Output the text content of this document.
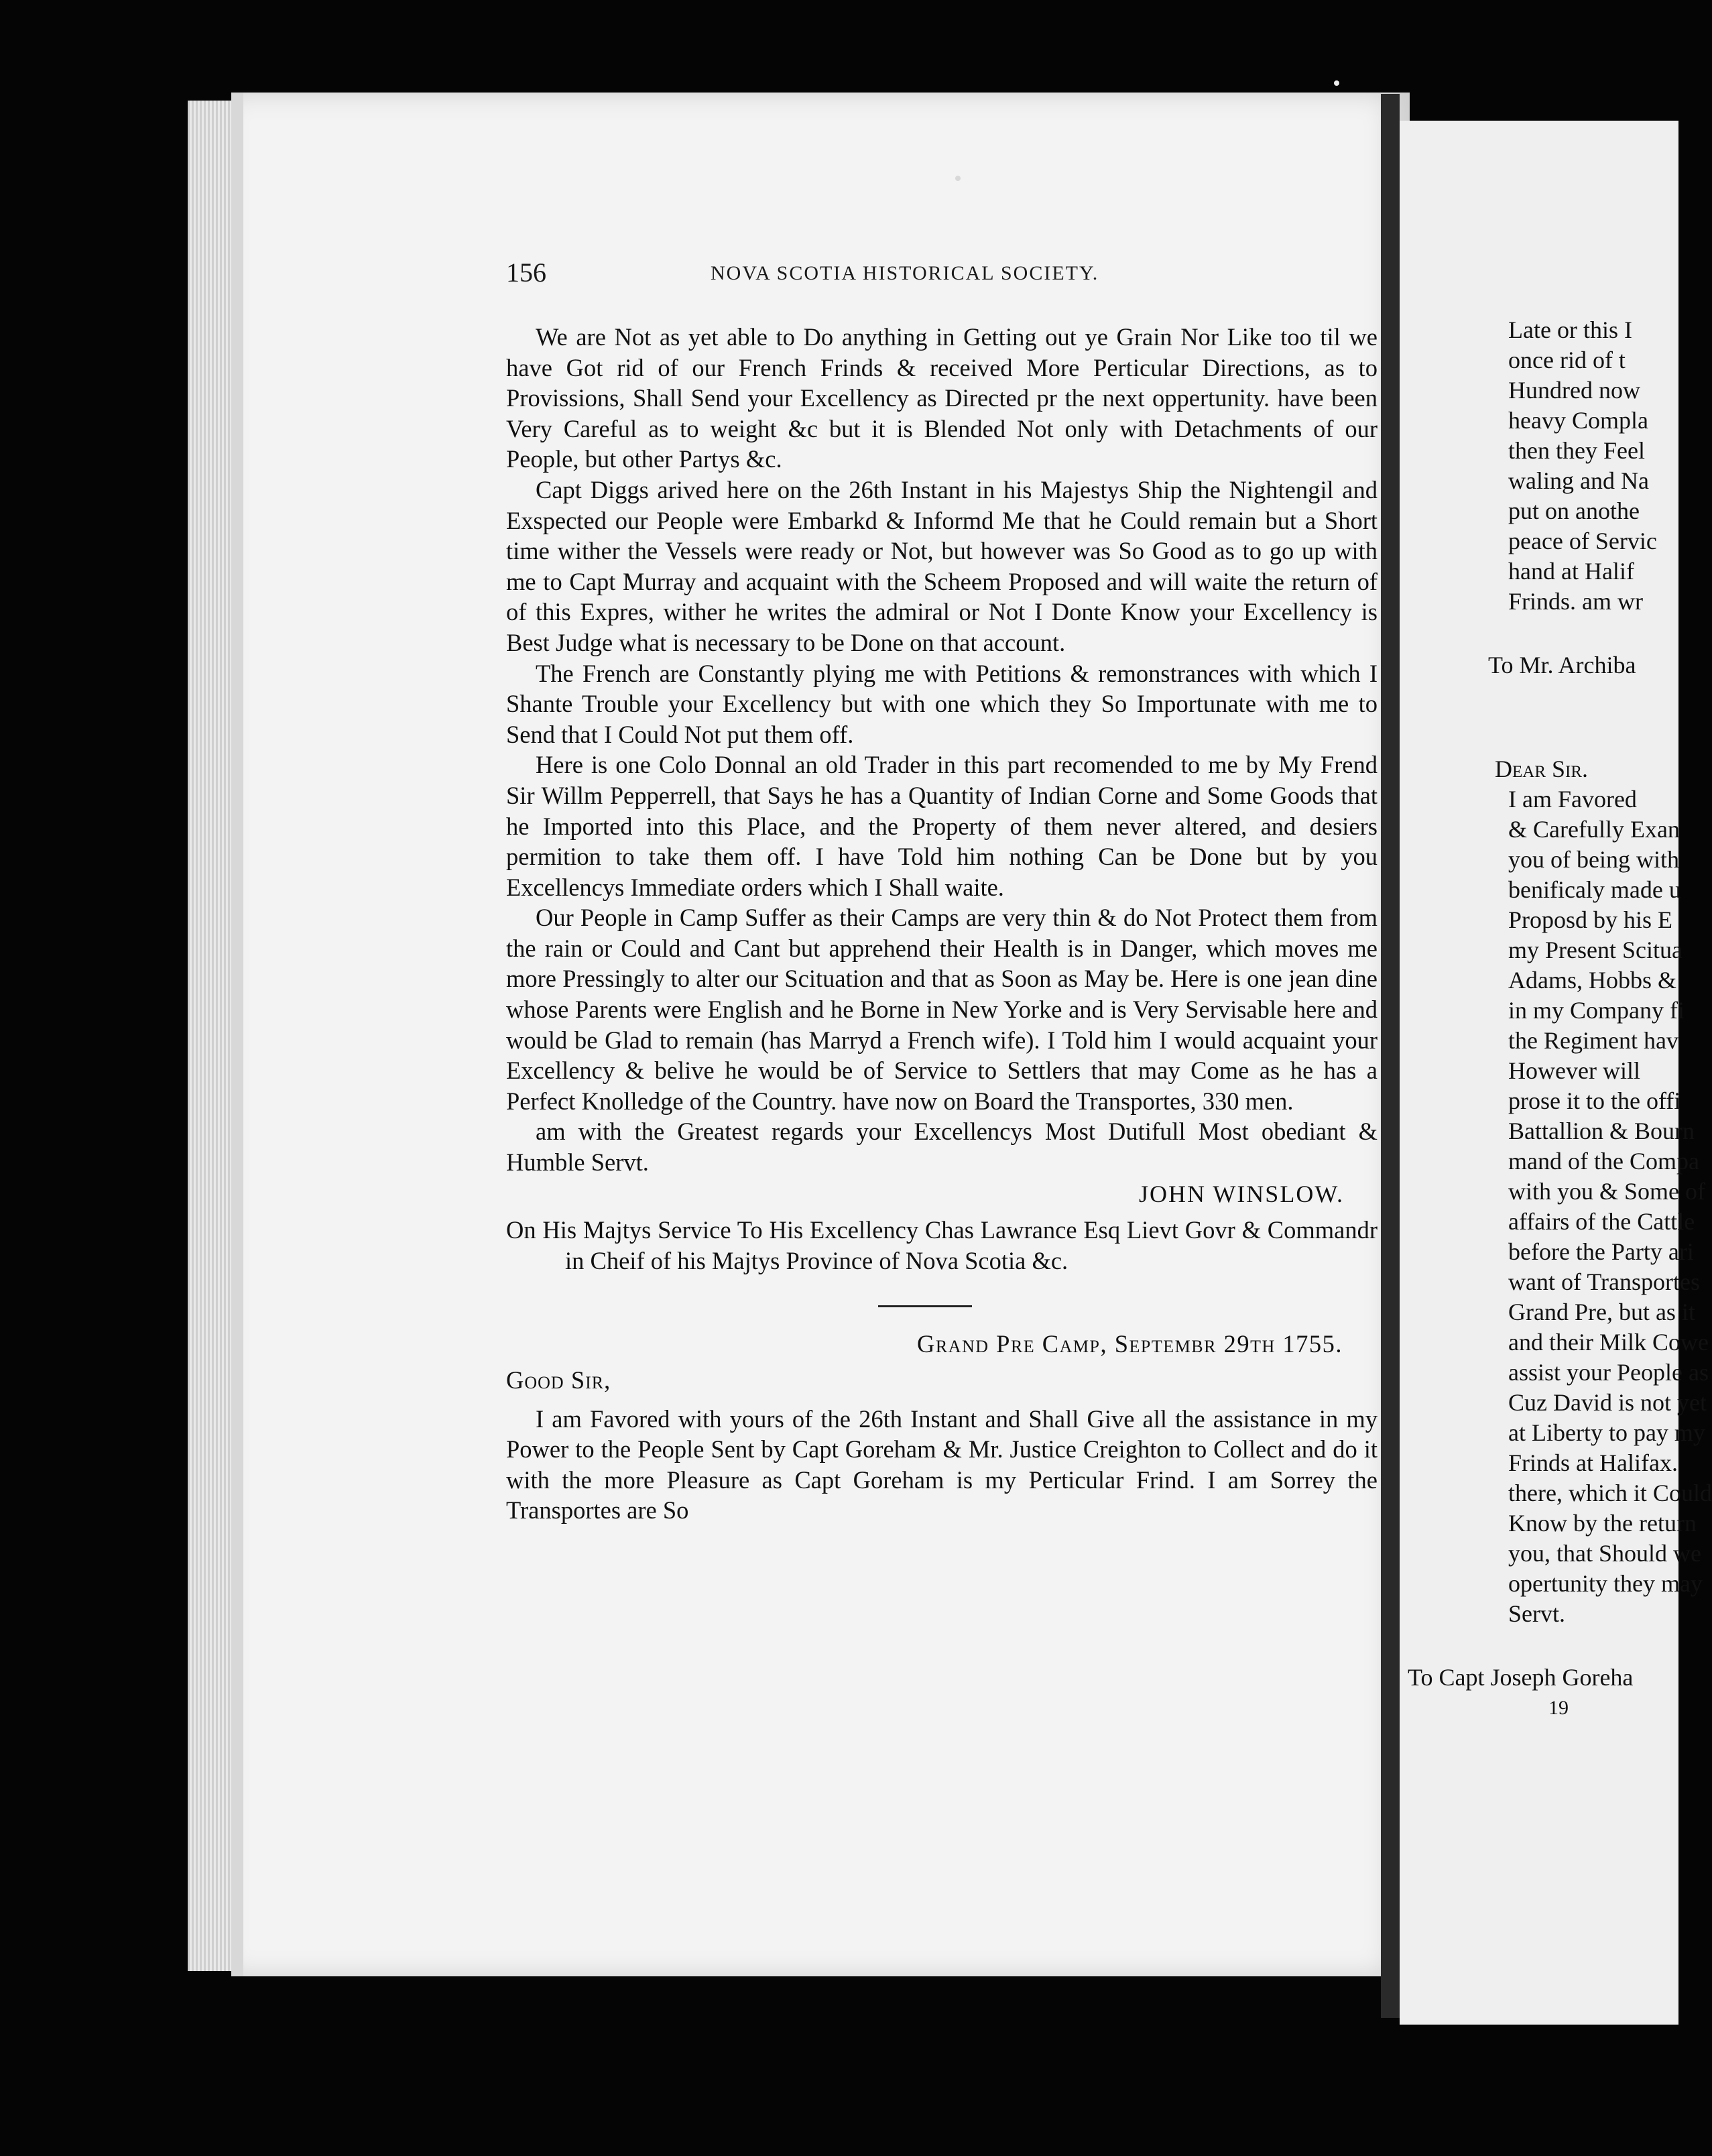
156	NOVA SCOTIA HISTORICAL SOCIETY.

We are Not as yet able to Do anything in Getting out ye Grain Nor Like too til we have Got rid of our French Frinds & received More Perticular Directions, as to Provissions, Shall Send your Excellency as Directed pr the next oppertunity. have been Very Careful as to weight &c but it is Blended Not only with Detachments of our People, but other Partys &c.

Capt Diggs arived here on the 26th Instant in his Majestys Ship the Nightengil and Exspected our People were Embarkd & Informd Me that he Could remain but a Short time wither the Vessels were ready or Not, but however was So Good as to go up with me to Capt Murray and acquaint with the Scheem Proposed and will waite the return of of this Expres, wither he writes the admiral or Not I Donte Know your Excellency is Best Judge what is necessary to be Done on that account.

The French are Constantly plying me with Petitions & remonstrances with which I Shante Trouble your Excellency but with one which they So Importunate with me to Send that I Could Not put them off.

Here is one Colo Donnal an old Trader in this part recomended to me by My Frend Sir Willm Pepperrell, that Says he has a Quantity of Indian Corne and Some Goods that he Imported into this Place, and the Property of them never altered, and desiers permition to take them off. I have Told him nothing Can be Done but by you Excellencys Immediate orders which I Shall waite.

Our People in Camp Suffer as their Camps are very thin & do Not Protect them from the rain or Could and Cant but apprehend their Health is in Danger, which moves me more Pressingly to alter our Scituation and that as Soon as May be. Here is one jean dine whose Parents were English and he Borne in New Yorke and is Very Servisable here and would be Glad to remain (has Marryd a French wife). I Told him I would acquaint your Excellency & belive he would be of Service to Settlers that may Come as he has a Perfect Knolledge of the Country. have now on Board the Transportes, 330 men.

am with the Greatest regards your Excellencys Most Dutifull Most obediant & Humble Servt.

JOHN WINSLOW.

On His Majtys Service To His Excellency Chas Lawrance Esq Lievt Govr & Commandr in Cheif of his Majtys Province of Nova Scotia &c.

Grand Pre Camp, Septembr 29th 1755.

Good Sir,

I am Favored with yours of the 26th Instant and Shall Give all the assistance in my Power to the People Sent by Capt Goreham & Mr. Justice Creighton to Collect and do it with the more Pleasure as Capt Goreham is my Perticular Frind. I am Sorrey the Transportes are So

Late or this I
once rid of t
Hundred now
heavy Compla
then they Feel
waling and Na
put on anothe
peace of Servic
hand at Halif
Frinds. am wr
To Mr. Archiba
Dear Sir.
I am Favored
& Carefully Exan
you of being with
benificaly made u
Proposd by his E
my Present Scitua
Adams, Hobbs &
in my Company fi
the Regiment hav
However will
prose it to the offi
Battallion & Bourn
mand of the Compa
with you & Some of
affairs of the Cattle
before the Party ari
want of Transportes
Grand Pre, but as it
and their Milk Cowe
assist your People as
Cuz David is not yet
at Liberty to pay my
Frinds at Halifax.
there, which it Could
Know by the return
you, that Should we
opertunity they may
Servt.
To Capt Joseph Goreha
19
